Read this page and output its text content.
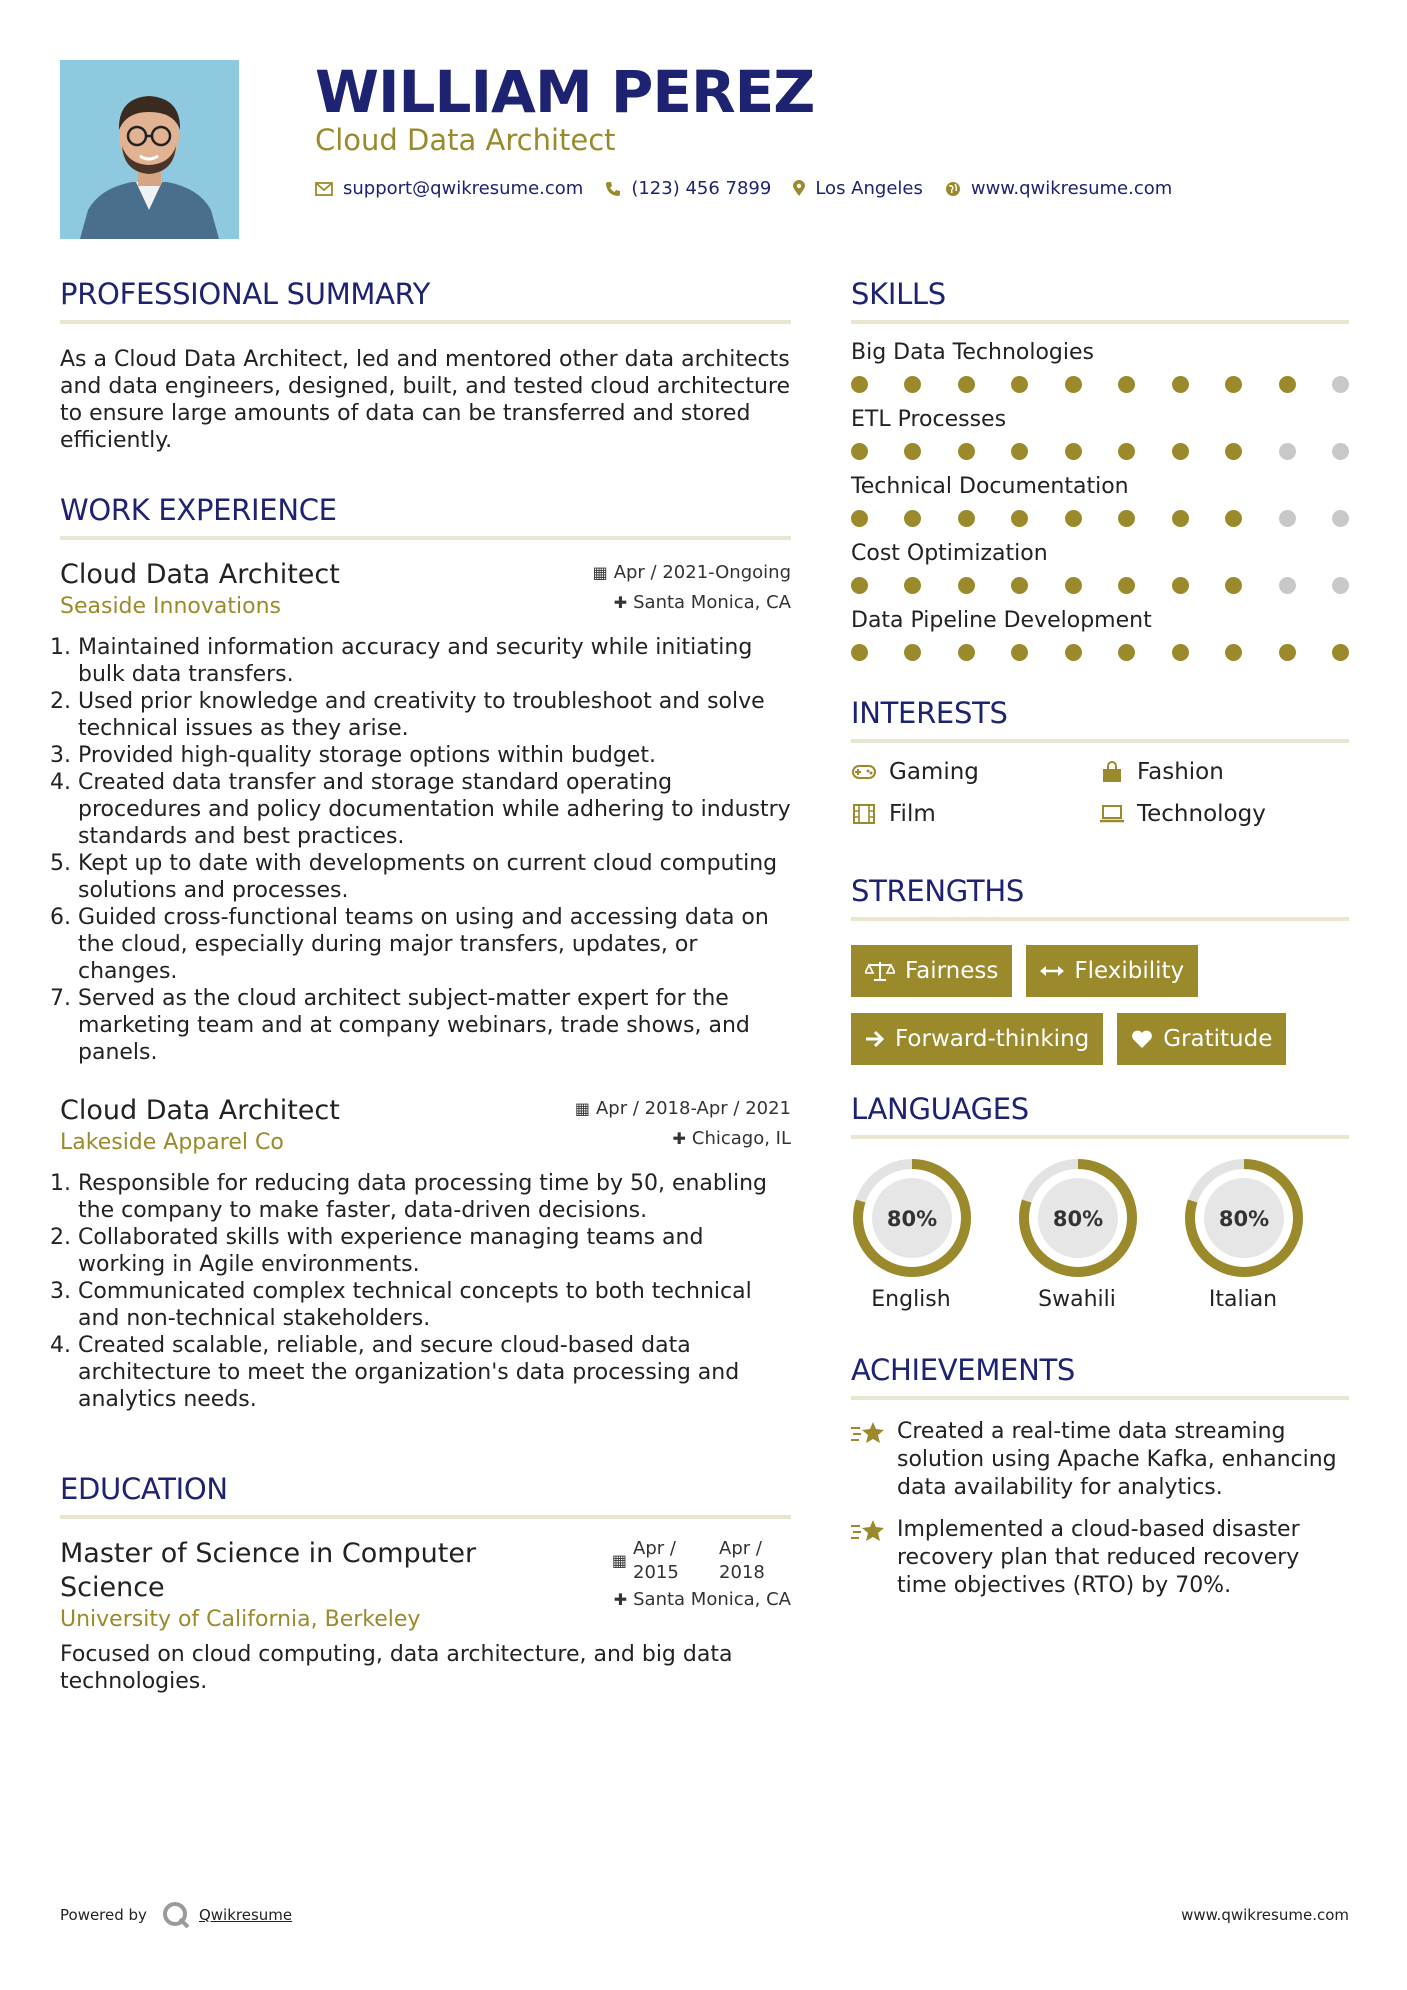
WILLIAM PEREZ
Cloud Data Architect
support@qwikresume.com	(123) 456 7899 Los Angeles	www.qwikresume.com
PROFESSIONAL SUMMARY

As a Cloud Data Architect, led and mentored other data architects and data engineers, designed, built, and tested cloud architecture to ensure large amounts of data can be transferred and stored efficiently.

WORK EXPERIENCE
Cloud Data Architect
Seaside Innovations
▦ Apr / 2021-Ongoing
✚ Santa Monica, CA
1. Maintained information accuracy and security while initiating bulk data transfers.
2. Used prior knowledge and creativity to troubleshoot and solve technical issues as they arise.
3. Provided high-quality storage options within budget.
4. Created data transfer and storage standard operating procedures and policy documentation while adhering to industry standards and best practices.
5. Kept up to date with developments on current cloud computing solutions and processes.
6. Guided cross-functional teams on using and accessing data on the cloud, especially during major transfers, updates, or changes.
7. Served as the cloud architect subject-matter expert for the marketing team and at company webinars, trade shows, and panels.
Cloud Data Architect
Lakeside Apparel Co
▦ Apr / 2018-Apr / 2021
✚ Chicago, IL
1. Responsible for reducing data processing time by 50, enabling the company to make faster, data-driven decisions.
2. Collaborated skills with experience managing teams and working in Agile environments.
3. Communicated complex technical concepts to both technical and non-technical stakeholders.
4. Created scalable, reliable, and secure cloud-based data architecture to meet the organization's data processing and analytics needs.
EDUCATION
Master of Science in Computer Science
University of California, Berkeley
▦
Apr / 2015
Apr / 2018
✚ Santa Monica, CA

Focused on cloud computing, data architecture, and big data technologies.

SKILLS
Big Data Technologies
ETL Processes
Technical Documentation
Cost Optimization
Data Pipeline Development
INTERESTS
Gaming	Fashion
Film	Technology
STRENGTHS
Fairness	Flexibility
Forward-thinking	Gratitude
LANGUAGES
80%
English
80%
Swahili
80%
Italian
ACHIEVEMENTS
Created a real-time data streaming solution using Apache Kafka, enhancing data availability for analytics.
Implemented a cloud-based disaster recovery plan that reduced recovery time objectives (RTO) by 70%.
Powered by	Qwikresume	www.qwikresume.com
